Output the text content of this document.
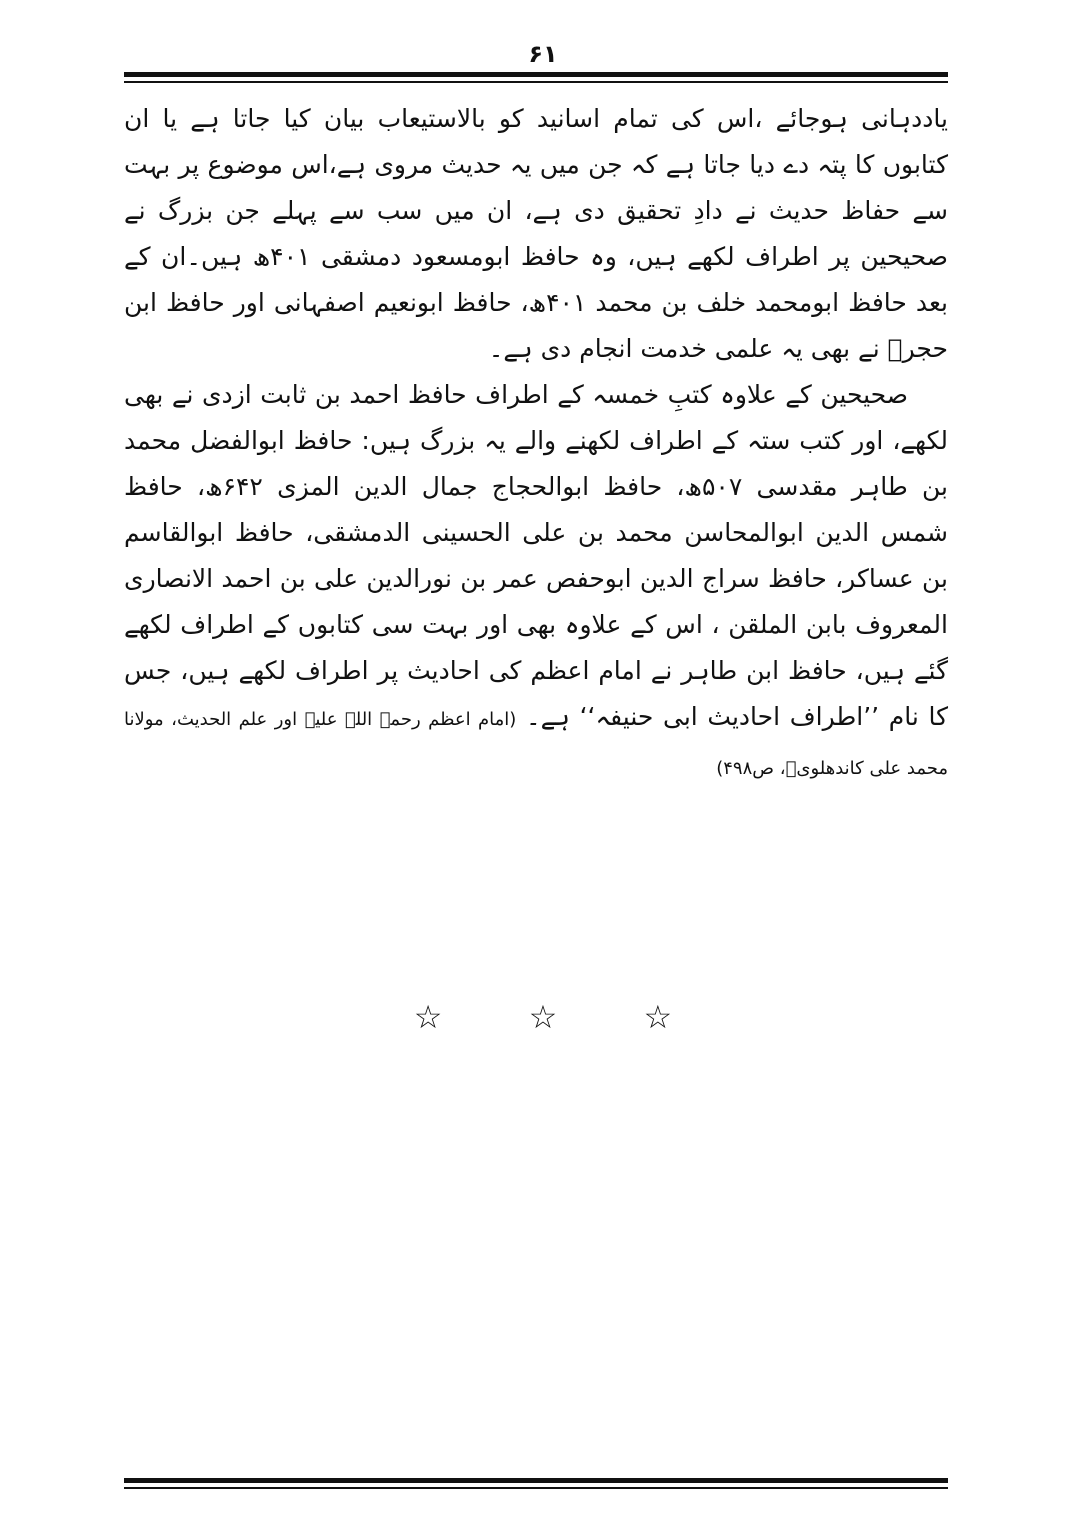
۶۱

یاددہانی ہوجائے ،اس کی تمام اسانید کو بالاستیعاب بیان کیا جاتا ہے یا ان کتابوں کا پتہ دے دیا جاتا ہے کہ جن میں یہ حدیث مروی ہے،اس موضوع پر بہت سے حفاظ حدیث نے دادِ تحقیق دی ہے، ان میں سب سے پہلے جن بزرگ نے صحیحین پر اطراف لکھے ہیں، وہ حافظ ابومسعود دمشقی ۴۰۱ھ ہیں۔ان کے بعد حافظ ابومحمد خلف بن محمد ۴۰۱ھ، حافظ ابونعیم اصفہانی اور حافظ ابن حجرؒ نے بھی یہ علمی خدمت انجام دی ہے۔

صحیحین کے علاوہ کتبِ خمسہ کے اطراف حافظ احمد بن ثابت ازدی نے بھی لکھے، اور کتب ستہ کے اطراف لکھنے والے یہ بزرگ ہیں: حافظ ابوالفضل محمد بن طاہر مقدسی ۵۰۷ھ، حافظ ابوالحجاج جمال الدین المزی ۶۴۲ھ، حافظ شمس الدین ابوالمحاسن محمد بن علی الحسینی الدمشقی، حافظ ابوالقاسم بن عساکر، حافظ سراج الدین ابوحفص عمر بن نورالدین علی بن احمد الانصاری المعروف بابن الملقن ، اس کے علاوہ بھی اور بہت سی کتابوں کے اطراف لکھے گئے ہیں، حافظ ابن طاہر نے امام اعظم کی احادیث پر اطراف لکھے ہیں، جس کا نام ’’اطراف احادیث ابی حنیفہ‘‘ ہے۔ (امام اعظم رحمۃ اللہ علیہ اور علم الحدیث، مولانا محمد علی کاندھلویؒ، ص۴۹۸)

☆ ☆ ☆
